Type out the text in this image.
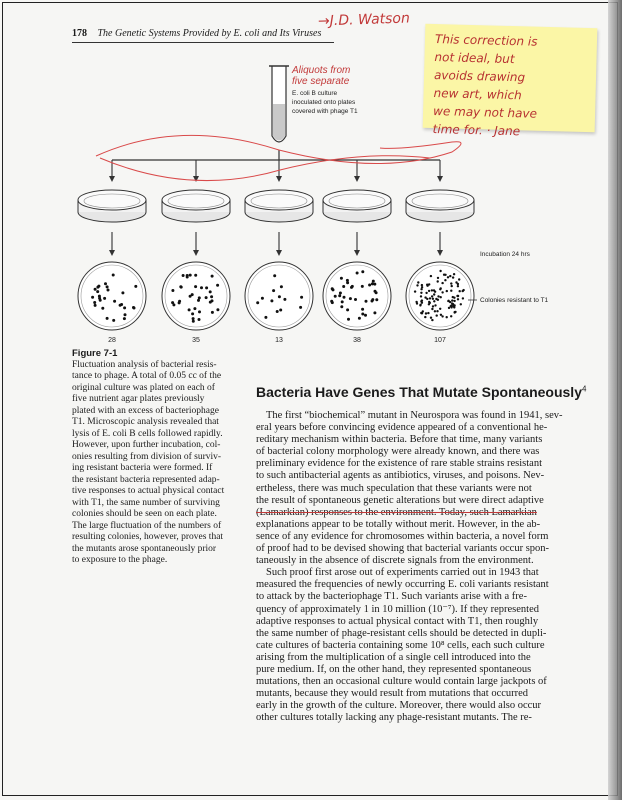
178 The Genetic Systems Provided by E. coli and Its Viruses
→J.D. Watson
Aliquots from
five separate
E. coli B culture
inoculated onto plates
covered with phage T1
28	35	13	38	107
Incubation 24 hrs
Colonies resistant to T1
This correction is
not ideal, but
avoids drawing
new art, which
we may not have
time for. · Jane
Figure 7-1
Fluctuation analysis of bacterial resis-
tance to phage. A total of 0.05 cc of the
original culture was plated on each of
five nutrient agar plates previously
plated with an excess of bacteriophage
T1. Microscopic analysis revealed that
lysis of E. coli B cells followed rapidly.
However, upon further incubation, col-
onies resulting from division of surviv-
ing resistant bacteria were formed. If
the resistant bacteria represented adap-
tive responses to actual physical contact
with T1, the same number of surviving
colonies should be seen on each plate.
The large fluctuation of the numbers of
resulting colonies, however, proves that
the mutants arose spontaneously prior
to exposure to the phage.
Bacteria Have Genes That Mutate Spontaneously$^4$
The first “biochemical” mutant in Neurospora was found in 1941, sev-
eral years before convincing evidence appeared of a conventional he-
reditary mechanism within bacteria. Before that time, many variants
of bacterial colony morphology were already known, and there was
preliminary evidence for the existence of rare stable strains resistant
to such antibacterial agents as antibiotics, viruses, and poisons. Nev-
ertheless, there was much speculation that these variants were not
the result of spontaneous genetic alterations but were direct adaptive
(Lamarkian) responses to the environment. Today, such Lamarkian
explanations appear to be totally without merit. However, in the ab-
sence of any evidence for chromosomes within bacteria, a novel form
of proof had to be devised showing that bacterial variants occur spon-
taneously in the absence of discrete signals from the environment.
Such proof first arose out of experiments carried out in 1943 that
measured the frequencies of newly occurring E. coli variants resistant
to attack by the bacteriophage T1. Such variants arise with a fre-
quency of approximately 1 in 10 million (10⁻⁷). If they represented
adaptive responses to actual physical contact with T1, then roughly
the same number of phage-resistant cells should be detected in dupli-
cate cultures of bacteria containing some 10⁸ cells, each such culture
arising from the multiplication of a single cell introduced into the
pure medium. If, on the other hand, they represented spontaneous
mutations, then an occasional culture would contain large jackpots of
mutants, because they would result from mutations that occurred
early in the growth of the culture. Moreover, there would also occur
other cultures totally lacking any phage-resistant mutants. The re-
